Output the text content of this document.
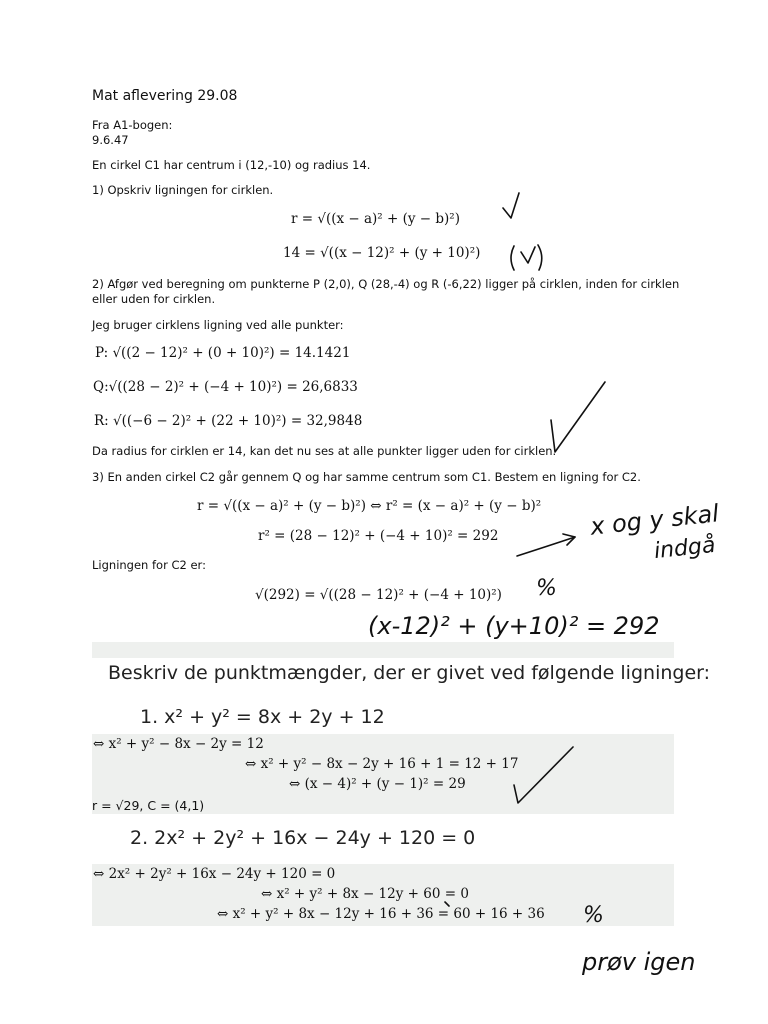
Mat aflevering 29.08
Fra A1-bogen:
9.6.47
En cirkel C1 har centrum i (12,-10) og radius 14.
1) Opskriv ligningen for cirklen.
r = √((x − a)² + (y − b)²)
14 = √((x − 12)² + (y + 10)²)
2) Afgør ved beregning om punkterne P (2,0), Q (28,-4) og R (-6,22) ligger på cirklen, inden for cirklen
eller uden for cirklen.
Jeg bruger cirklens ligning ved alle punkter:
P: √((2 − 12)² + (0 + 10)²) = 14.1421
Q:√((28 − 2)² + (−4 + 10)²) = 26,6833
R: √((−6 − 2)² + (22 + 10)²) = 32,9848
Da radius for cirklen er 14, kan det nu ses at alle punkter ligger uden for cirklen.
3) En anden cirkel C2 går gennem Q og har samme centrum som C1. Bestem en ligning for C2.
r = √((x − a)² + (y − b)²) ⇔ r² = (x − a)² + (y − b)²
r² = (28 − 12)² + (−4 + 10)² = 292
Ligningen for C2 er:
√(292) = √((28 − 12)² + (−4 + 10)²)
Beskriv de punktmængder, der er givet ved følgende ligninger:
1. x² + y² = 8x + 2y + 12
⇔ x² + y² − 8x − 2y = 12
⇔ x² + y² − 8x − 2y + 16 + 1 = 12 + 17
⇔ (x − 4)² + (y − 1)² = 29
r = √29, C = (4,1)
2. 2x² + 2y² + 16x − 24y + 120 = 0
⇔ 2x² + 2y² + 16x − 24y + 120 = 0
⇔ x² + y² + 8x − 12y + 60 = 0
⇔ x² + y² + 8x − 12y + 16 + 36 = 60 + 16 + 36
x og y skal
indgå
(x-12)² + (y+10)² = 292
prøv igen
%
%
